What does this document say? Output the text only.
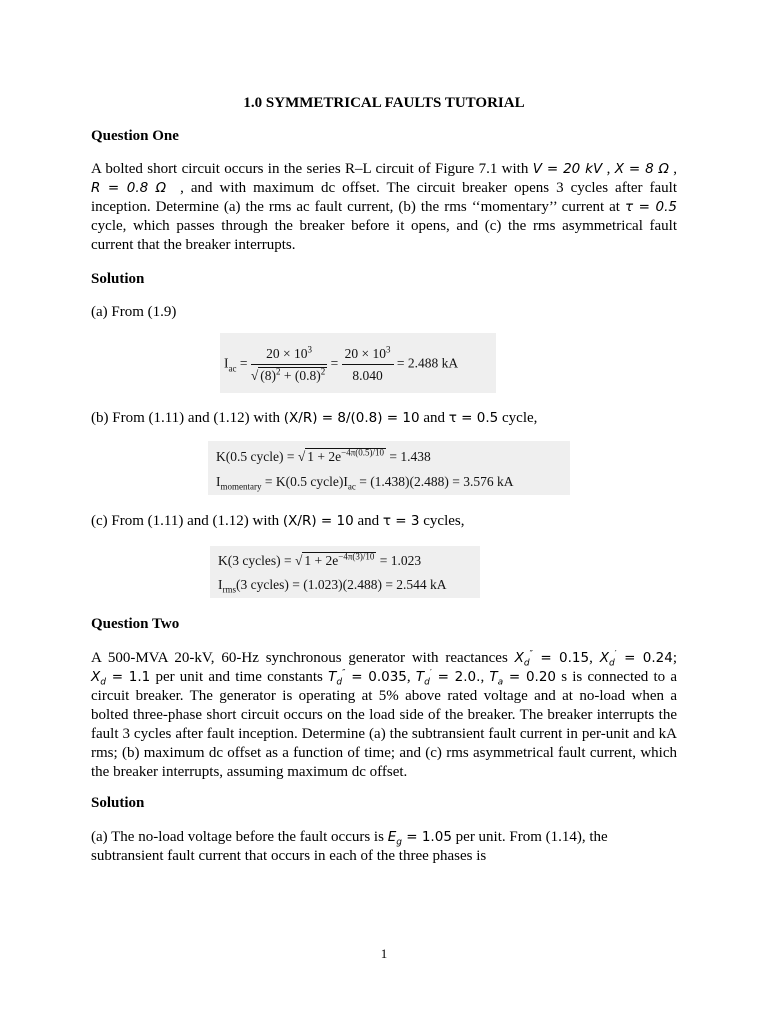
1.0 SYMMETRICAL FAULTS TUTORIAL
Question One
A bolted short circuit occurs in the series R–L circuit of Figure 7.1 with V = 20 kV , X = 8 Ω ,
R = 0.8 Ω , and with maximum dc offset. The circuit breaker opens 3 cycles after fault
inception. Determine (a) the rms ac fault current, (b) the rms ‘‘momentary’’ current at τ = 0.5
cycle, which passes through the breaker before it opens, and (c) the rms asymmetrical fault
current that the breaker interrupts.
Solution
(a) From (1.9)
$I_{ac} = \frac{20 \times 10^3}{√ (8)^2 + (0.8)^2} = \frac{20 \times 10^3}{8.040} = 2.488$ kA
(b) From (1.11) and (1.12) with (X/R) = 8/(0.8) = 10 and τ = 0.5 cycle,
K(0.5 cycle) = √ $1 + 2e^{-4\pi(0.5)/10} = 1.438$
$I_{momentary} = K(0.5$ $cycle)I_{ac} = (1.438)(2.488) = 3.576$ kA
(c) From (1.11) and (1.12) with (X/R) = 10 and τ = 3 cycles,
K(3 cycles) = √ $1 + 2e^{-4\pi(3)/10} = 1.023$
$I_{rms}(3$ cycles) = (1.023)(2.488) = 2.544 kA
Question Two
A 500-MVA 20-kV, 60-Hz synchronous generator with reactances $X_d'' = 0.15$, $X_d' = 0.24$;
$X_d = 1.1$ per unit and time constants $T_d'' = 0.035$, $T_d' = 2.0$., $T_a = 0.20$ s is connected to a
circuit breaker. The generator is operating at 5% above rated voltage and at no-load when a
bolted three-phase short circuit occurs on the load side of the breaker. The breaker interrupts the
fault 3 cycles after fault inception. Determine (a) the subtransient fault current in per-unit and kA
rms; (b) maximum dc offset as a function of time; and (c) rms asymmetrical fault current, which
the breaker interrupts, assuming maximum dc offset.
Solution
(a) The no-load voltage before the fault occurs is $E_g = 1.05$ per unit. From (1.14), the
subtransient fault current that occurs in each of the three phases is
1
